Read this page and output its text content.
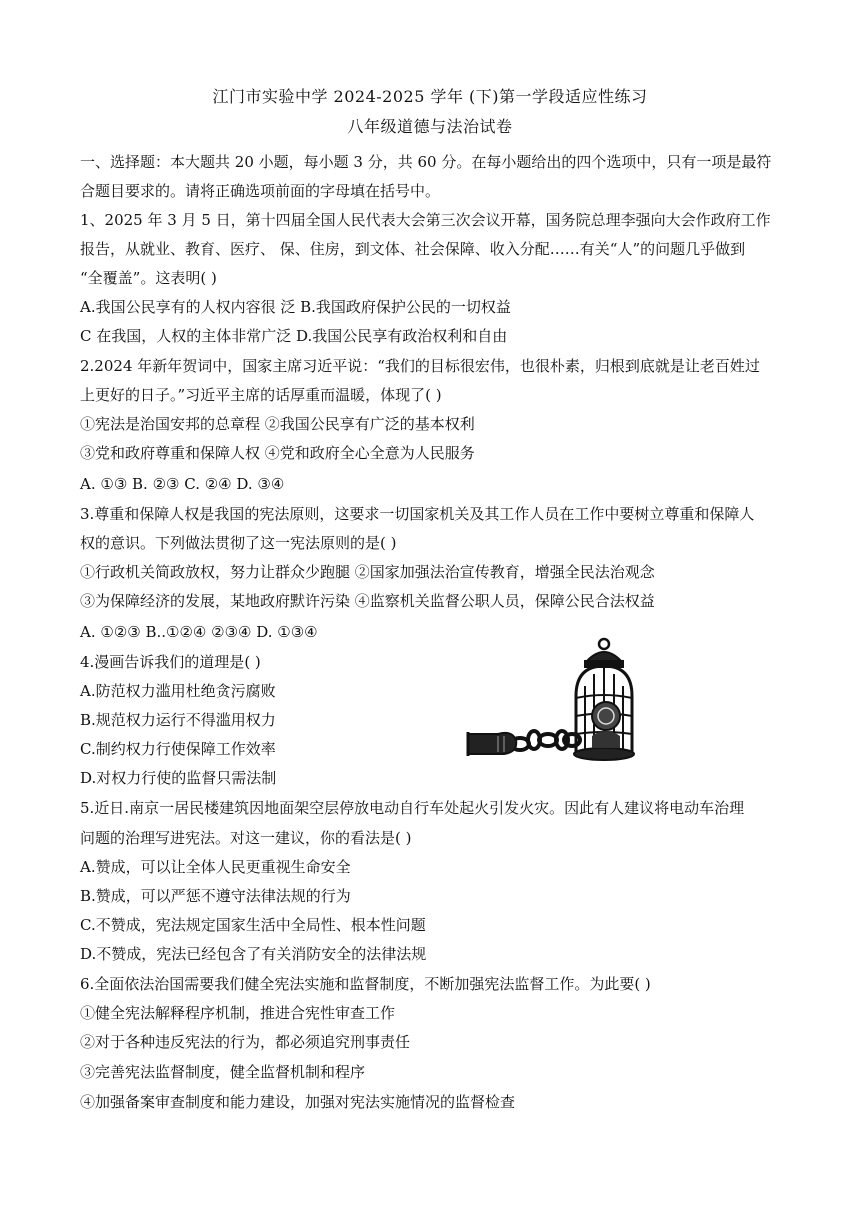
江门市实验中学 2024-2025 学年 (下)第一学段适应性练习
八年级道德与法治试卷
一、选择题：本大题共 20 小题，每小题 3 分，共 60 分。在每小题给出的四个选项中，只有一项是最符
合题目要求的。请将正确选项前面的字母填在括号中。
1、2025 年 3 月 5 日，第十四届全国人民代表大会第三次会议开幕，国务院总理李强向大会作政府工作
报告，从就业、教育、医疗、 保、住房，到文体、社会保障、收入分配……有关“人”的问题几乎做到
“全覆盖”。这表明( )
A.我国公民享有的人权内容很 泛 B.我国政府保护公民的一切权益
C 在我国，人权的主体非常广泛 D.我国公民享有政治权利和自由
2.2024 年新年贺词中，国家主席习近平说：“我们的目标很宏伟，也很朴素，归根到底就是让老百姓过
上更好的日子。”习近平主席的话厚重而温暖，体现了( )
①宪法是治国安邦的总章程 ②我国公民享有广泛的基本权利
③党和政府尊重和保障人权 ④党和政府全心全意为人民服务
A. ①③ B. ②③ C. ②④ D. ③④
3.尊重和保障人权是我国的宪法原则，这要求一切国家机关及其工作人员在工作中要树立尊重和保障人
权的意识。下列做法贯彻了这一宪法原则的是( )
①行政机关简政放权，努力让群众少跑腿 ②国家加强法治宣传教育，增强全民法治观念
③为保障经济的发展，某地政府默许污染 ④监察机关监督公职人员，保障公民合法权益
A. ①②③ B..①②④ ②③④ D. ①③④
4.漫画告诉我们的道理是( )
A.防范权力滥用杜绝贪污腐败
B.规范权力运行不得滥用权力
C.制约权力行使保障工作效率
D.对权力行使的监督只需法制
5.近日.南京一居民楼建筑因地面架空层停放电动自行车处起火引发火灾。因此有人建议将电动车治理
问题的治理写进宪法。对这一建议，你的看法是( )
A.赞成，可以让全体人民更重视生命安全
B.赞成，可以严惩不遵守法律法规的行为
C.不赞成，宪法规定国家生活中全局性、根本性问题
D.不赞成，宪法已经包含了有关消防安全的法律法规
6.全面依法治国需要我们健全宪法实施和监督制度，不断加强宪法监督工作。为此要( )
①健全宪法解释程序机制，推进合宪性审查工作
②对于各种违反宪法的行为，都必须追究刑事责任
③完善宪法监督制度，健全监督机制和程序
④加强备案审查制度和能力建设，加强对宪法实施情况的监督检查
